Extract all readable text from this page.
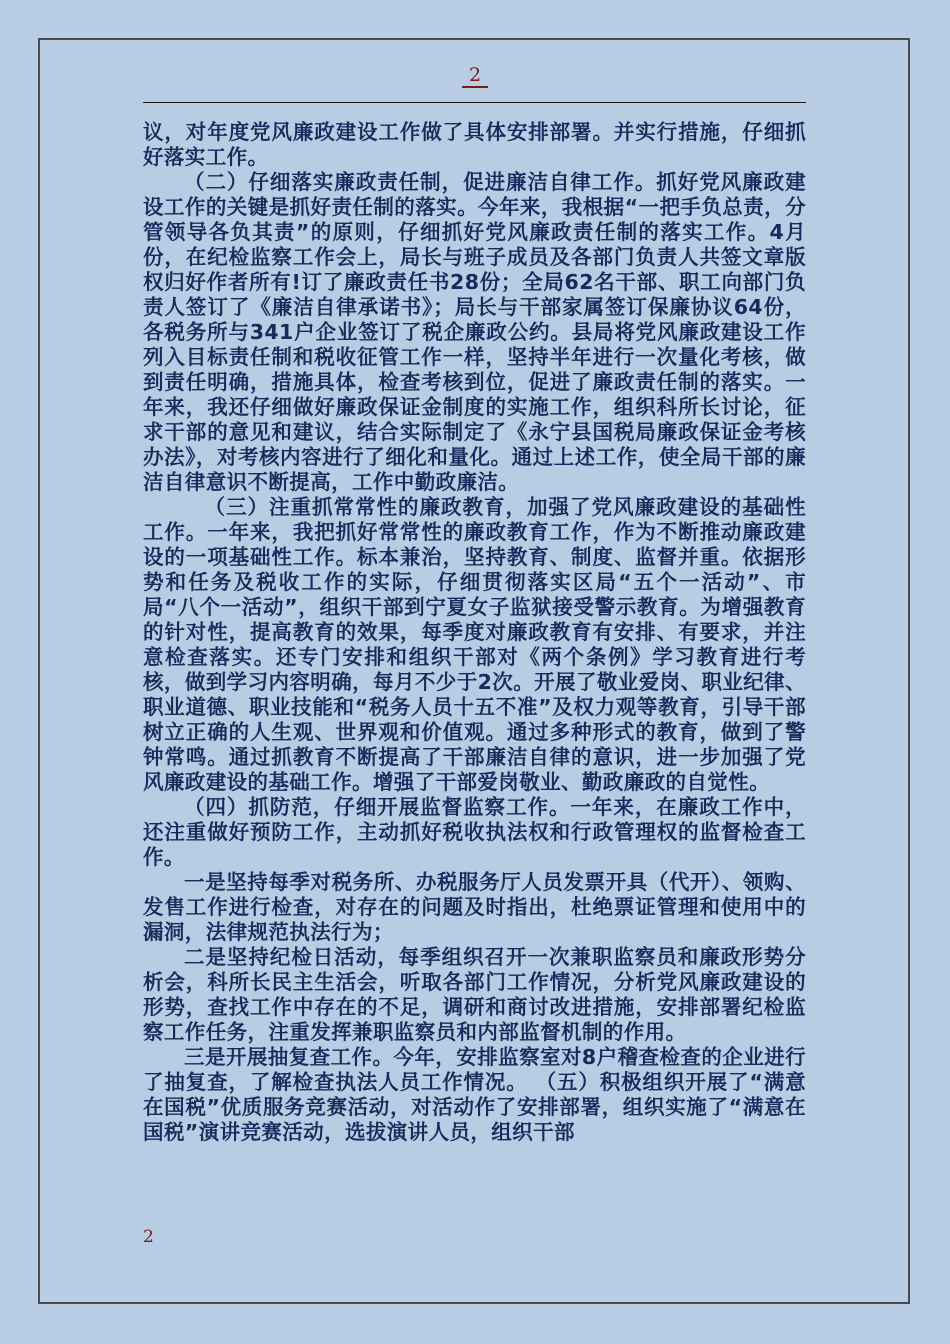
2

议，对年度党风廉政建设工作做了具体安排部署。并实行措施，仔细抓好落实工作。

（二）仔细落实廉政责任制，促进廉洁自律工作。抓好党风廉政建设工作的关键是抓好责任制的落实。今年来，我根据“一把手负总责，分管领导各负其责”的原则，仔细抓好党风廉政责任制的落实工作。4月份，在纪检监察工作会上，局长与班子成员及各部门负责人共签文章版权归好作者所有!订了廉政责任书28份；全局62名干部、职工向部门负责人签订了《廉洁自律承诺书》；局长与干部家属签订保廉协议64份，各税务所与341户企业签订了税企廉政公约。县局将党风廉政建设工作列入目标责任制和税收征管工作一样，坚持半年进行一次量化考核，做到责任明确，措施具体，检查考核到位，促进了廉政责任制的落实。一年来，我还仔细做好廉政保证金制度的实施工作，组织科所长讨论，征求干部的意见和建议，结合实际制定了《永宁县国税局廉政保证金考核办法》，对考核内容进行了细化和量化。通过上述工作，使全局干部的廉洁自律意识不断提高，工作中勤政廉洁。

（三）注重抓常常性的廉政教育，加强了党风廉政建设的基础性工作。一年来，我把抓好常常性的廉政教育工作，作为不断推动廉政建设的一项基础性工作。标本兼治，坚持教育、制度、监督并重。依据形势和任务及税收工作的实际，仔细贯彻落实区局“五个一活动”、市局“八个一活动”，组织干部到宁夏女子监狱接受警示教育。为增强教育的针对性，提高教育的效果，每季度对廉政教育有安排、有要求，并注意检查落实。还专门安排和组织干部对《两个条例》学习教育进行考核，做到学习内容明确，每月不少于2次。开展了敬业爱岗、职业纪律、职业道德、职业技能和“税务人员十五不准”及权力观等教育，引导干部树立正确的人生观、世界观和价值观。通过多种形式的教育，做到了警钟常鸣。通过抓教育不断提高了干部廉洁自律的意识，进一步加强了党风廉政建设的基础工作。增强了干部爱岗敬业、勤政廉政的自觉性。

（四）抓防范，仔细开展监督监察工作。一年来，在廉政工作中，还注重做好预防工作，主动抓好税收执法权和行政管理权的监督检查工作。

一是坚持每季对税务所、办税服务厅人员发票开具（代开）、领购、发售工作进行检查，对存在的问题及时指出，杜绝票证管理和使用中的漏洞，法律规范执法行为；

二是坚持纪检日活动，每季组织召开一次兼职监察员和廉政形势分析会，科所长民主生活会，听取各部门工作情况，分析党风廉政建设的形势，查找工作中存在的不足，调研和商讨改进措施，安排部署纪检监察工作任务，注重发挥兼职监察员和内部监督机制的作用。

三是开展抽复查工作。今年，安排监察室对8户稽查检查的企业进行了抽复查，了解检查执法人员工作情况。 （五）积极组织开展了“满意在国税”优质服务竞赛活动，对活动作了安排部署，组织实施了“满意在国税”演讲竞赛活动，选拔演讲人员，组织干部

2
